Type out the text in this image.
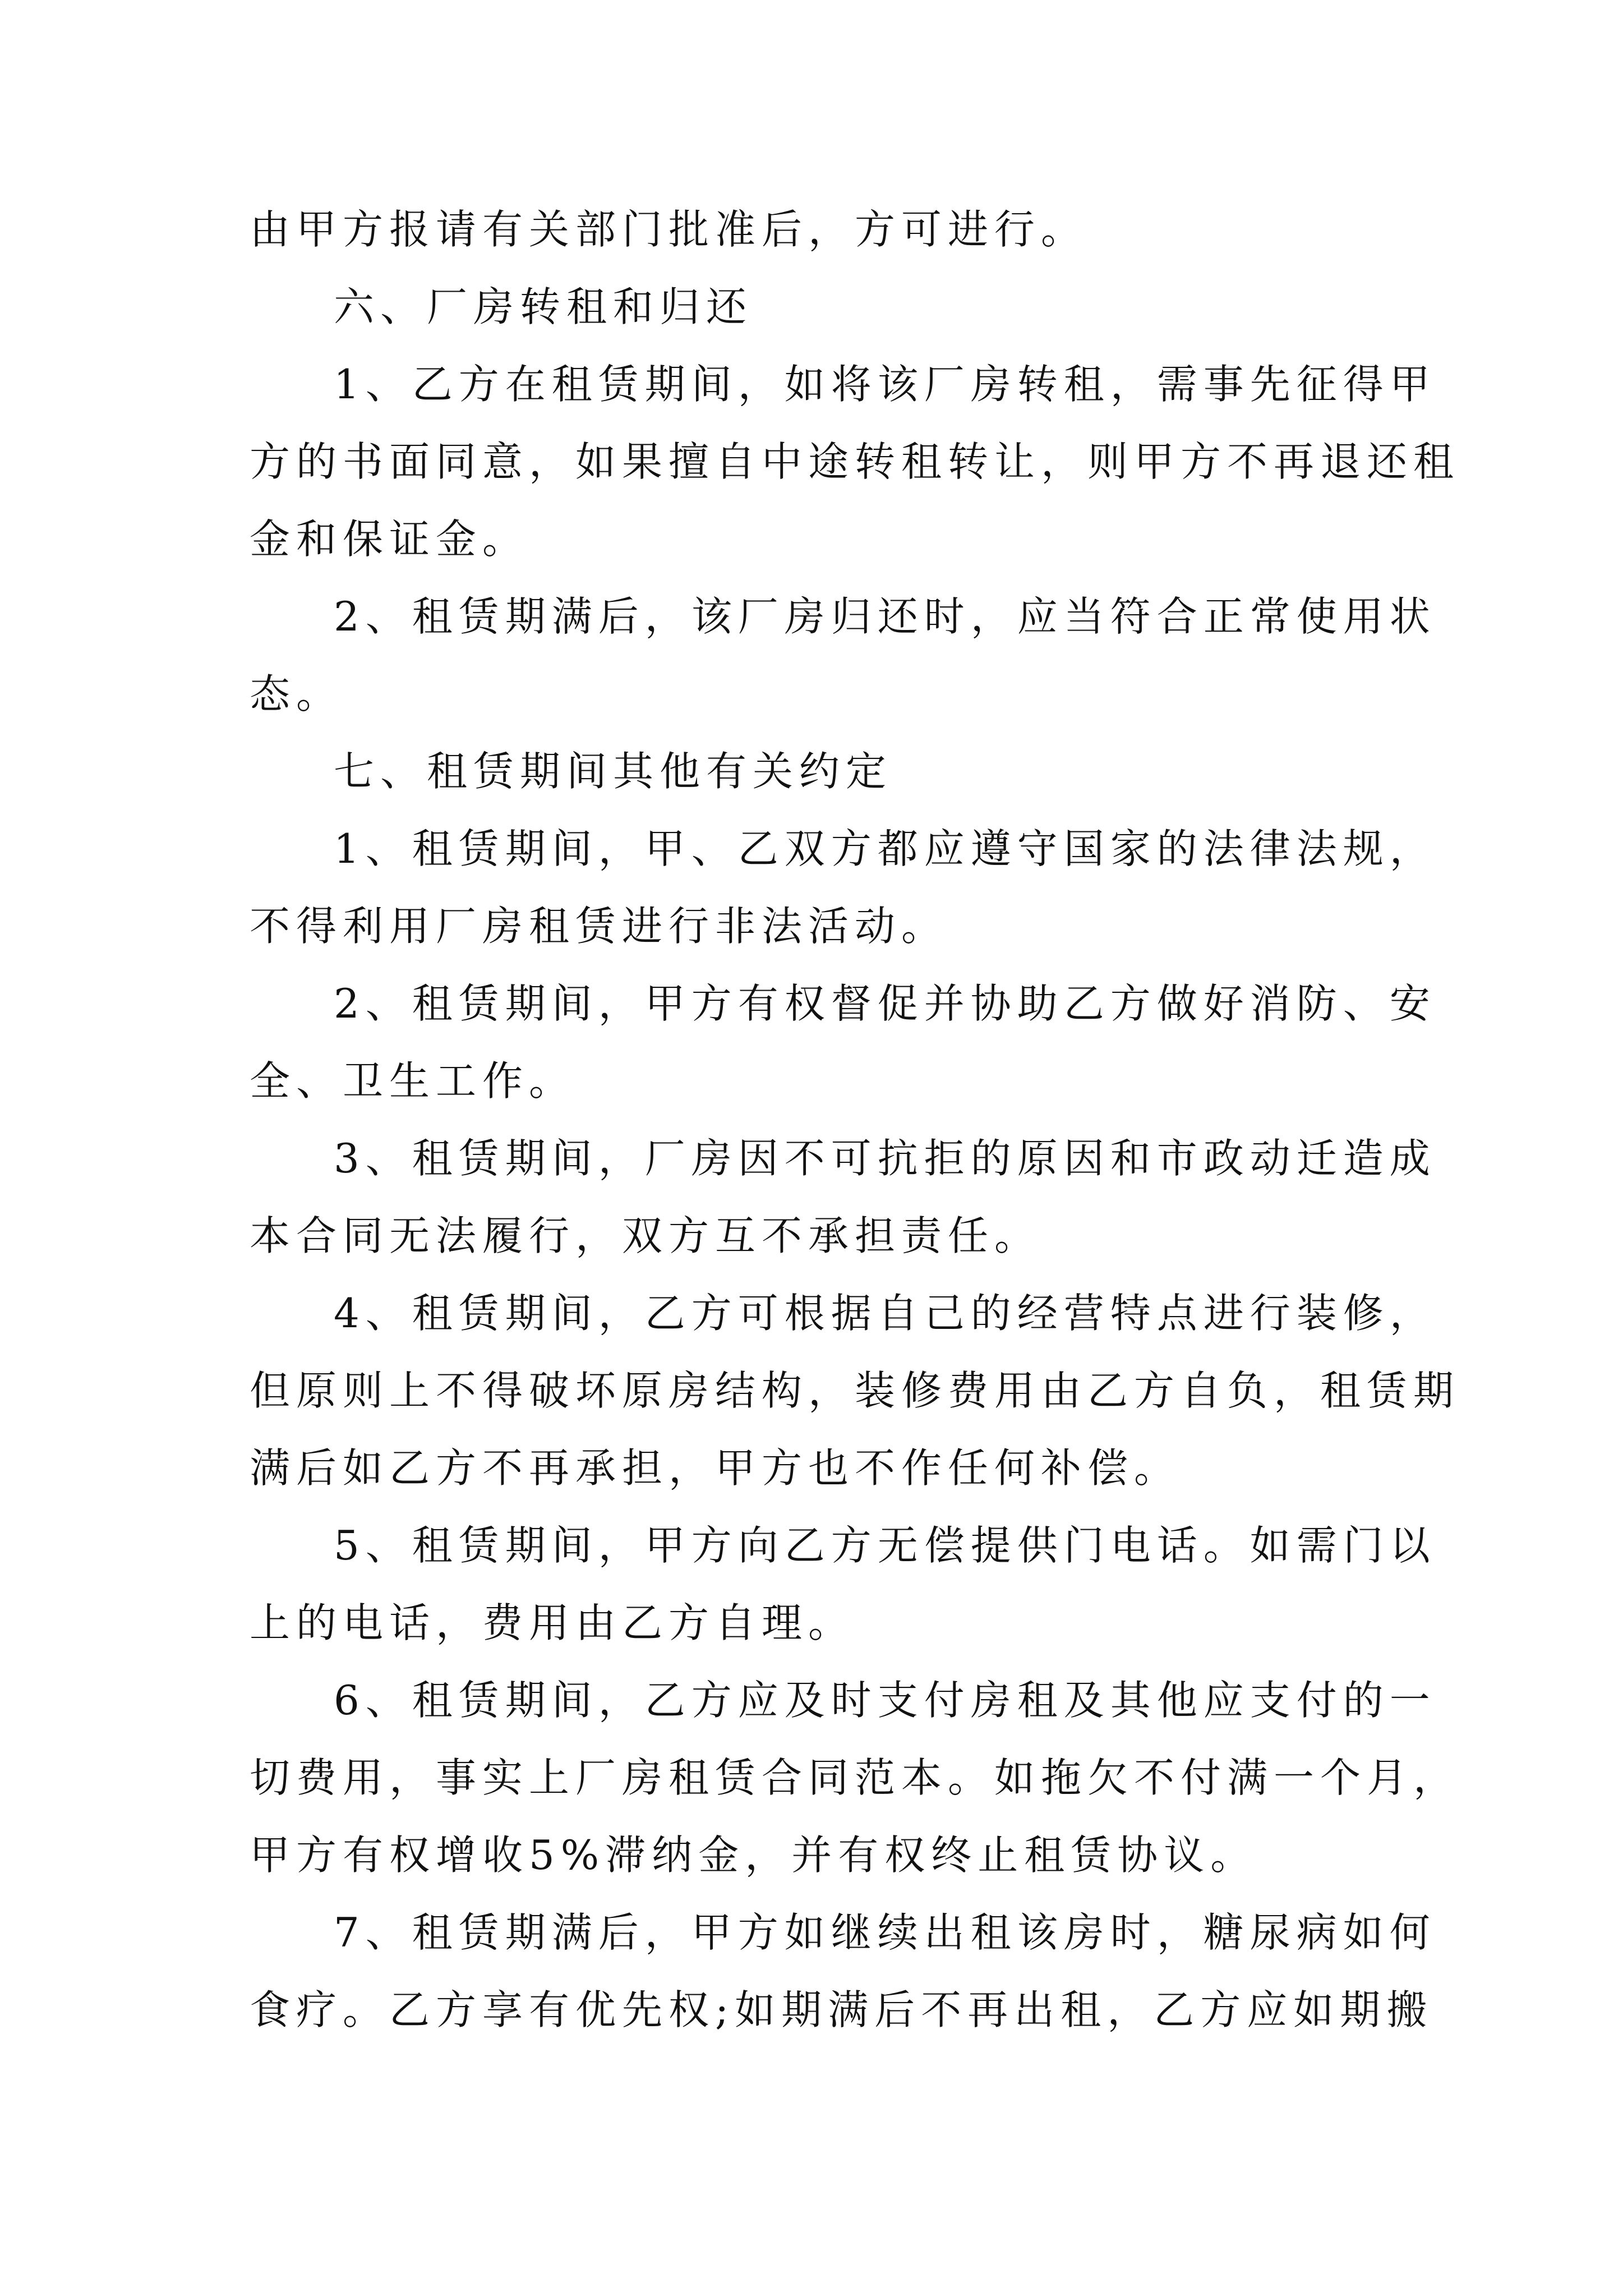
由甲方报请有关部门批准后，方可进行。
六、厂房转租和归还
1、乙方在租赁期间，如将该厂房转租，需事先征得甲
方的书面同意，如果擅自中途转租转让，则甲方不再退还租
金和保证金。
2、租赁期满后，该厂房归还时，应当符合正常使用状
态。
七、租赁期间其他有关约定
1、租赁期间，甲、乙双方都应遵守国家的法律法规，
不得利用厂房租赁进行非法活动。
2、租赁期间，甲方有权督促并协助乙方做好消防、安
全、卫生工作。
3、租赁期间，厂房因不可抗拒的原因和市政动迁造成
本合同无法履行，双方互不承担责任。
4、租赁期间，乙方可根据自己的经营特点进行装修，
但原则上不得破坏原房结构，装修费用由乙方自负，租赁期
满后如乙方不再承担，甲方也不作任何补偿。
5、租赁期间，甲方向乙方无偿提供门电话。如需门以
上的电话，费用由乙方自理。
6、租赁期间，乙方应及时支付房租及其他应支付的一
切费用，事实上厂房租赁合同范本。如拖欠不付满一个月，
甲方有权增收5%滞纳金，并有权终止租赁协议。
7、租赁期满后，甲方如继续出租该房时，糖尿病如何
食疗。乙方享有优先权;如期满后不再出租，乙方应如期搬
